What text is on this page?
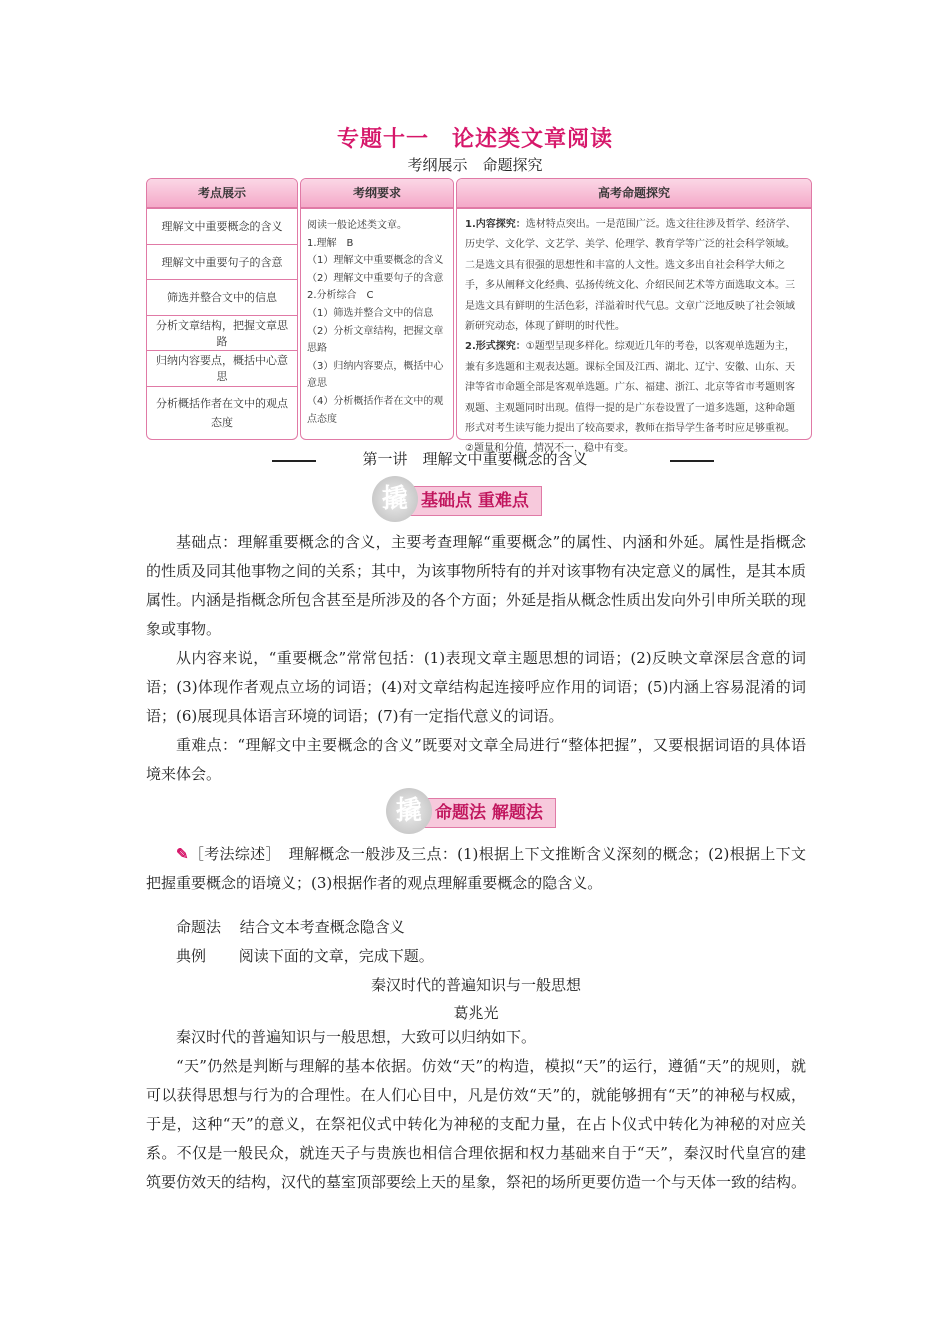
专题十一　论述类文章阅读
考纲展示　命题探究
考点展示
理解文中重要概念的含义
理解文中重要句子的含意
筛选并整合文中的信息
分析文章结构，把握文章思路
归纳内容要点，概括中心意思
分析概括作者在文中的观点态度
考纲要求
阅读一般论述类文章。
1.理解　B
（1）理解文中重要概念的含义
（2）理解文中重要句子的含意
2.分析综合　C
（1）筛选并整合文中的信息
（2）分析文章结构，把握文章思路
（3）归纳内容要点，概括中心意思
（4）分析概括作者在文中的观点态度
高考命题探究
1.内容探究：选材特点突出。一是范围广泛。选文往往涉及哲学、经济学、历史学、文化学、文艺学、美学、伦理学、教育学等广泛的社会科学领域。二是选文具有很强的思想性和丰富的人文性。选文多出自社会科学大师之手，多从阐释文化经典、弘扬传统文化、介绍民间艺术等方面选取文本。三是选文具有鲜明的生活色彩，洋溢着时代气息。文章广泛地反映了社会领域新研究动态，体现了鲜明的时代性。
2.形式探究：①题型呈现多样化。综观近几年的考卷，以客观单选题为主，兼有多选题和主观表达题。课标全国及江西、湖北、辽宁、安徽、山东、天津等省市命题全部是客观单选题。广东、福建、浙江、北京等省市考题则客观题、主观题同时出现。值得一提的是广东卷设置了一道多选题，这种命题形式对考生读写能力提出了较高要求，教师在指导学生备考时应足够重视。②题量和分值，情况不一，稳中有变。
第一讲　理解文中重要概念的含义
基础点 重难点
撬

基础点：理解重要概念的含义，主要考查理解“重要概念”的属性、内涵和外延。属性是指概念的性质及同其他事物之间的关系；其中，为该事物所特有的并对该事物有决定意义的属性，是其本质属性。内涵是指概念所包含甚至是所涉及的各个方面；外延是指从概念性质出发向外引申所关联的现象或事物。

从内容来说，“重要概念”常常包括：(1)表现文章主题思想的词语；(2)反映文章深层含意的词语；(3)体现作者观点立场的词语；(4)对文章结构起连接呼应作用的词语；(5)内涵上容易混淆的词语；(6)展现具体语言环境的词语；(7)有一定指代意义的词语。

重难点：“理解文中主要概念的含义”既要对文章全局进行“整体把握”，又要根据词语的具体语境来体会。

命题法 解题法
撬

✎［考法综述］　理解概念一般涉及三点：(1)根据上下文推断含义深刻的概念；(2)根据上下文把握重要概念的语境义；(3)根据作者的观点理解重要概念的隐含义。

命题法 结合文本考查概念隐含义
典例 阅读下面的文章，完成下题。
秦汉时代的普遍知识与一般思想
葛兆光

秦汉时代的普遍知识与一般思想，大致可以归纳如下。

“天”仍然是判断与理解的基本依据。仿效“天”的构造，模拟“天”的运行，遵循“天”的规则，就可以获得思想与行为的合理性。在人们心目中，凡是仿效“天”的，就能够拥有“天”的神秘与权威，于是，这种“天”的意义，在祭祀仪式中转化为神秘的支配力量，在占卜仪式中转化为神秘的对应关系。不仅是一般民众，就连天子与贵族也相信合理依据和权力基础来自于“天”，秦汉时代皇宫的建筑要仿效天的结构，汉代的墓室顶部要绘上天的星象，祭祀的场所更要仿造一个与天体一致的结构。
